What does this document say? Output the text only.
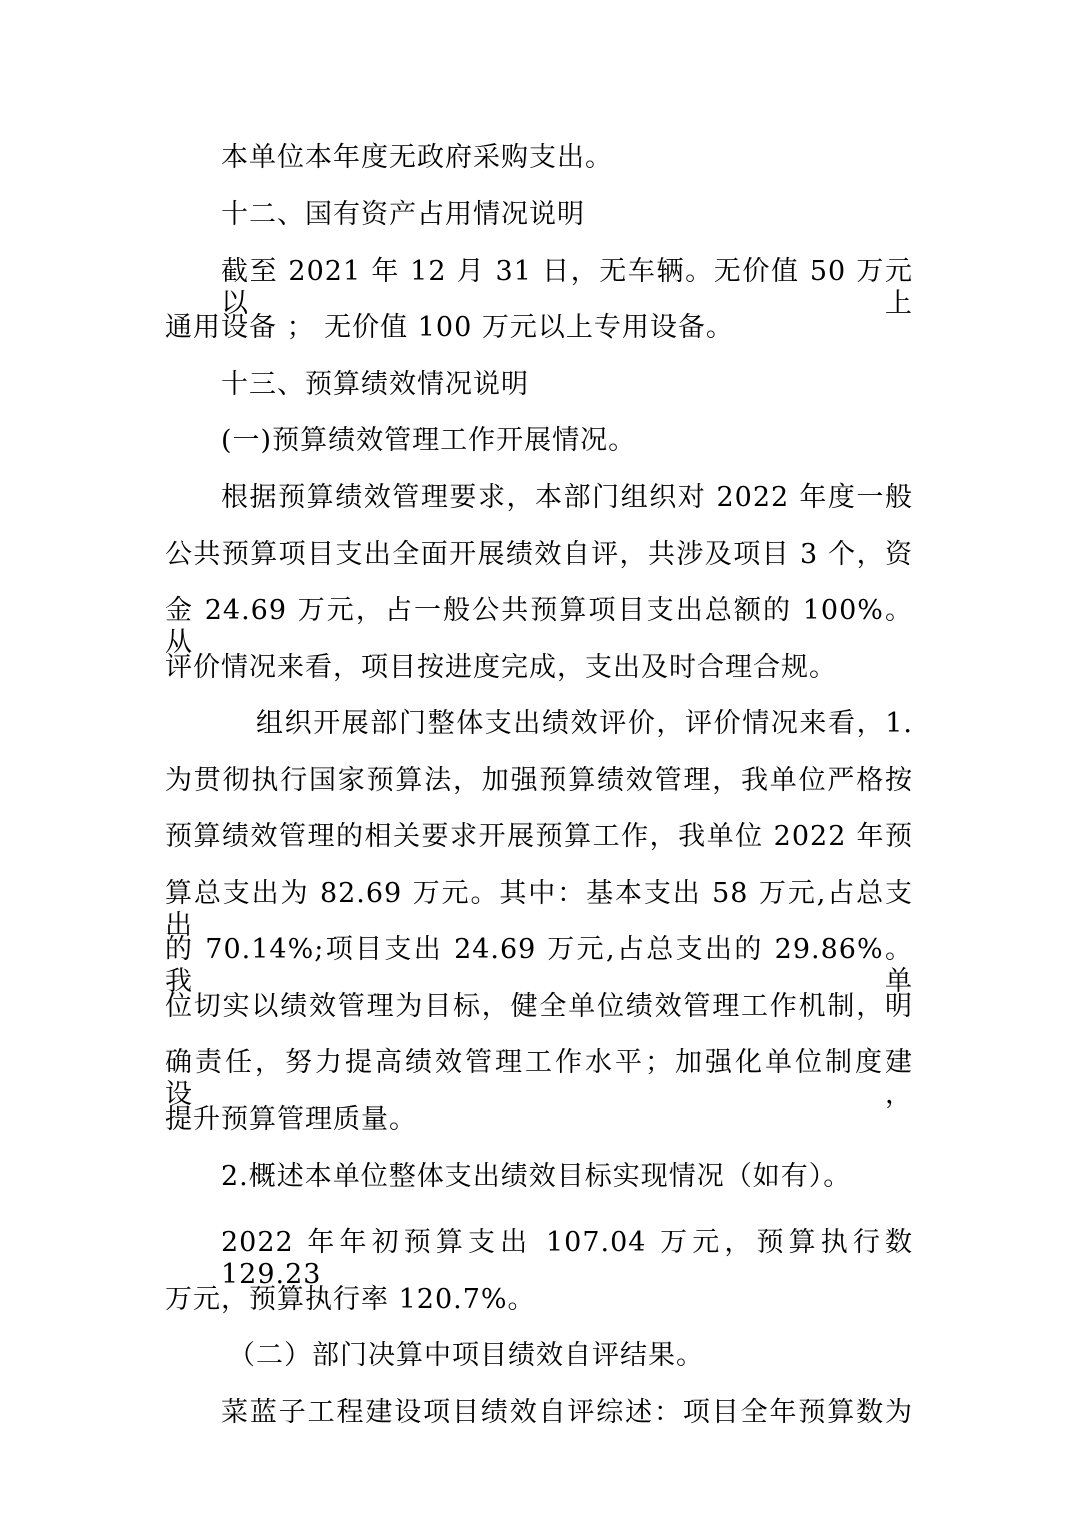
本单位本年度无政府采购支出。
十二、国有资产占用情况说明
截至 2021 年 12 月 31 日，无车辆。无价值 50 万元以上
通用设备 ； 无价值 100 万元以上专用设备。
十三、预算绩效情况说明
(一)预算绩效管理工作开展情况。
根据预算绩效管理要求，本部门组织对 2022 年度一般
公共预算项目支出全面开展绩效自评，共涉及项目 3 个，资
金 24.69 万元，占一般公共预算项目支出总额的 100%。从
评价情况来看，项目按进度完成，支出及时合理合规。
组织开展部门整体支出绩效评价，评价情况来看，1.
为贯彻执行国家预算法，加强预算绩效管理，我单位严格按
预算绩效管理的相关要求开展预算工作，我单位 2022 年预
算总支出为 82.69 万元。其中：基本支出 58 万元,占总支出
的 70.14%;项目支出 24.69 万元,占总支出的 29.86%。我单
位切实以绩效管理为目标，健全单位绩效管理工作机制，明
确责任，努力提高绩效管理工作水平；加强化单位制度建设，
提升预算管理质量。
2.概述本单位整体支出绩效目标实现情况（如有）。
2022 年年初预算支出 107.04 万元，预算执行数 129.23
万元，预算执行率 120.7%。
（二）部门决算中项目绩效自评结果。
菜蓝子工程建设项目绩效自评综述：项目全年预算数为
